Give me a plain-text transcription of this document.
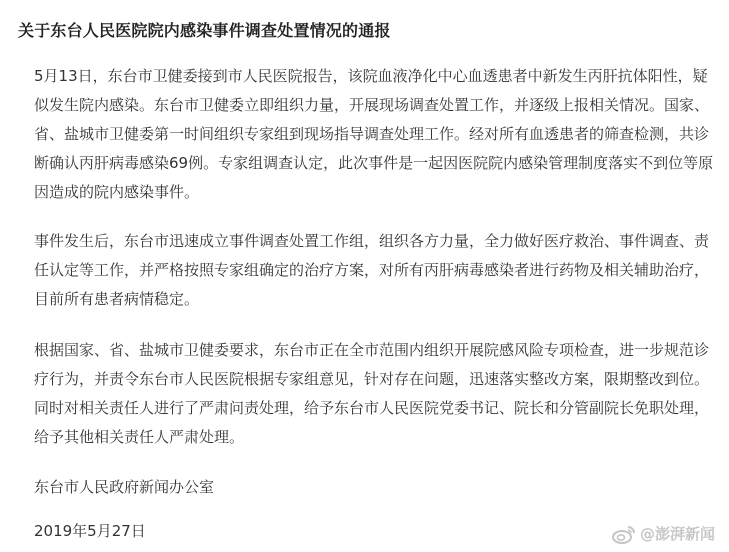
关于东台人民医院院内感染事件调查处置情况的通报

5月13日，东台市卫健委接到市人民医院报告，该院血液净化中心血透患者中新发生丙肝抗体阳性，疑似发生院内感染。东台市卫健委立即组织力量，开展现场调查处置工作，并逐级上报相关情况。国家、省、盐城市卫健委第一时间组织专家组到现场指导调查处理工作。经对所有血透患者的筛查检测，共诊断确认丙肝病毒感染69例。专家组调查认定，此次事件是一起因医院院内感染管理制度落实不到位等原因造成的院内感染事件。

事件发生后，东台市迅速成立事件调查处置工作组，组织各方力量，全力做好医疗救治、事件调查、责任认定等工作，并严格按照专家组确定的治疗方案，对所有丙肝病毒感染者进行药物及相关辅助治疗，目前所有患者病情稳定。

根据国家、省、盐城市卫健委要求，东台市正在全市范围内组织开展院感风险专项检查，进一步规范诊疗行为，并责令东台市人民医院根据专家组意见，针对存在问题，迅速落实整改方案，限期整改到位。同时对相关责任人进行了严肃问责处理，给予东台市人民医院党委书记、院长和分管副院长免职处理，给予其他相关责任人严肃处理。

东台市人民政府新闻办公室
2019年5月27日	@澎湃新闻
